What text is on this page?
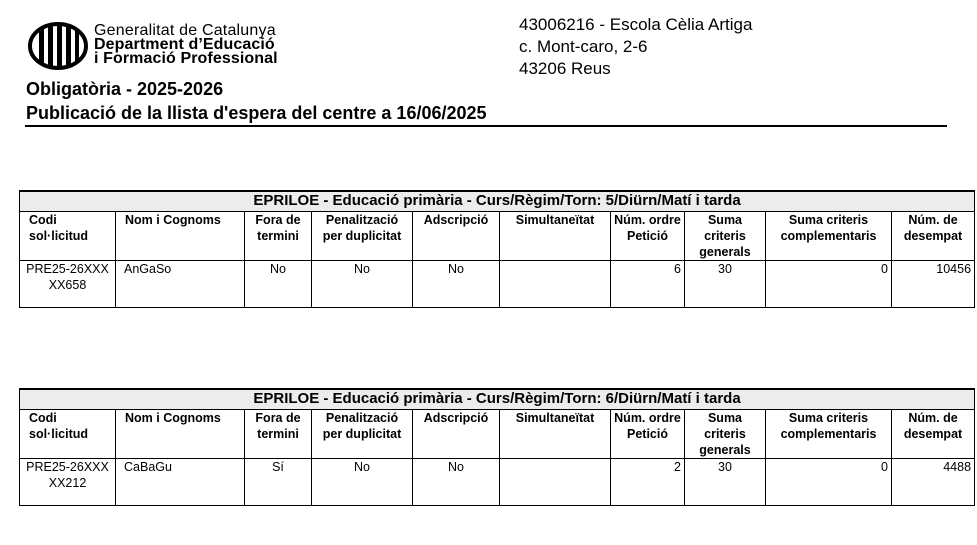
Generalitat de Catalunya
Department d’Educació
i Formació Professional
43006216 - Escola Cèlia Artiga
c. Mont-caro, 2-6
43206 Reus
Obligatòria - 2025-2026
Publicació de la llista d'espera del centre a 16/06/2025
EPRILOE - Educació primària - Curs/Règim/Torn: 5/Diürn/Matí i tarda									
Codi sol·licitud	Nom i Cognoms	Fora de termini	Penalització per duplicitat	Adscripció	Simultaneïtat	Núm. ordre Petició	Suma criteris generals	Suma criteris complementaris	Núm. de desempat
PRE25-26XXXXX658	AnGaSo	No	No	No		6	30	0	10456
EPRILOE - Educació primària - Curs/Règim/Torn: 6/Diürn/Matí i tarda									
Codi sol·licitud	Nom i Cognoms	Fora de termini	Penalització per duplicitat	Adscripció	Simultaneïtat	Núm. ordre Petició	Suma criteris generals	Suma criteris complementaris	Núm. de desempat
PRE25-26XXXXX212	CaBaGu	Sí	No	No		2	30	0	4488
